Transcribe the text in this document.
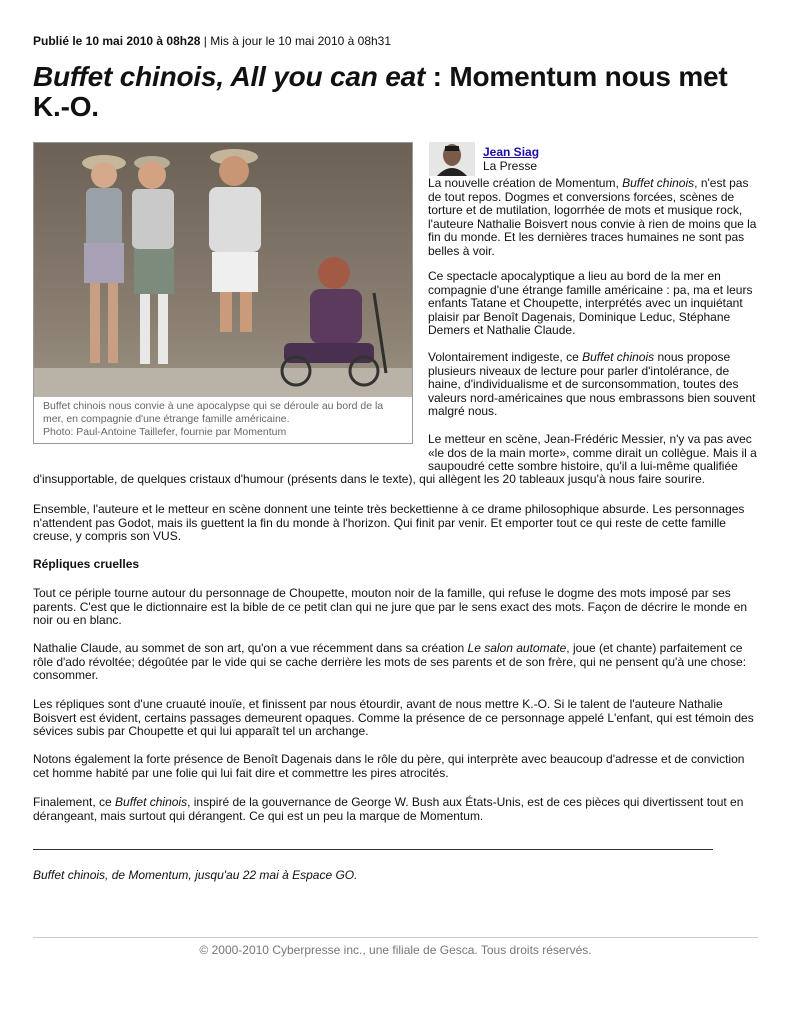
Publié le 10 mai 2010 à 08h28 | Mis à jour le 10 mai 2010 à 08h31
Buffet chinois, All you can eat : Momentum nous met K.-O.
Buffet chinois nous convie à une apocalypse qui se déroule au bord de la mer, en compagnie d'une étrange famille américaine.
Photo: Paul-Antoine Taillefer, fournie par Momentum
Jean Siag
La Presse

La nouvelle création de Momentum, Buffet chinois, n'est pas de tout repos. Dogmes et conversions forcées, scènes de torture et de mutilation, logorrhée de mots et musique rock, l'auteure Nathalie Boisvert nous convie à rien de moins que la fin du monde. Et les dernières traces humaines ne sont pas belles à voir.

Ce spectacle apocalyptique a lieu au bord de la mer en compagnie d'une étrange famille américaine : pa, ma et leurs enfants Tatane et Choupette, interprétés avec un inquiétant plaisir par Benoît Dagenais, Dominique Leduc, Stéphane Demers et Nathalie Claude.

Volontairement indigeste, ce Buffet chinois nous propose plusieurs niveaux de lecture pour parler d'intolérance, de haine, d'individualisme et de surconsommation, toutes des valeurs nord-américaines que nous embrassons bien souvent malgré nous.

Le metteur en scène, Jean-Frédéric Messier, n'y va pas avec «le dos de la main morte», comme dirait un collègue. Mais il a saupoudré cette sombre histoire, qu'il a lui-même qualifiée

d'insupportable, de quelques cristaux d'humour (présents dans le texte), qui allègent les 20 tableaux jusqu'à nous faire sourire.

Ensemble, l'auteure et le metteur en scène donnent une teinte très beckettienne à ce drame philosophique absurde. Les personnages n'attendent pas Godot, mais ils guettent la fin du monde à l'horizon. Qui finit par venir. Et emporter tout ce qui reste de cette famille creuse, y compris son VUS.

Répliques cruelles

Tout ce périple tourne autour du personnage de Choupette, mouton noir de la famille, qui refuse le dogme des mots imposé par ses parents. C'est que le dictionnaire est la bible de ce petit clan qui ne jure que par le sens exact des mots. Façon de décrire le monde en noir ou en blanc.

Nathalie Claude, au sommet de son art, qu'on a vue récemment dans sa création Le salon automate, joue (et chante) parfaitement ce rôle d'ado révoltée; dégoûtée par le vide qui se cache derrière les mots de ses parents et de son frère, qui ne pensent qu'à une chose: consommer.

Les répliques sont d'une cruauté inouïe, et finissent par nous étourdir, avant de nous mettre K.-O. Si le talent de l'auteure Nathalie Boisvert est évident, certains passages demeurent opaques. Comme la présence de ce personnage appelé L'enfant, qui est témoin des sévices subis par Choupette et qui lui apparaît tel un archange.

Notons également la forte présence de Benoît Dagenais dans le rôle du père, qui interprète avec beaucoup d'adresse et de conviction cet homme habité par une folie qui lui fait dire et commettre les pires atrocités.

Finalement, ce Buffet chinois, inspiré de la gouvernance de George W. Bush aux États-Unis, est de ces pièces qui divertissent tout en dérangeant, mais surtout qui dérangent. Ce qui est un peu la marque de Momentum.

Buffet chinois, de Momentum, jusqu'au 22 mai à Espace GO.
© 2000-2010 Cyberpresse inc., une filiale de Gesca. Tous droits réservés.
